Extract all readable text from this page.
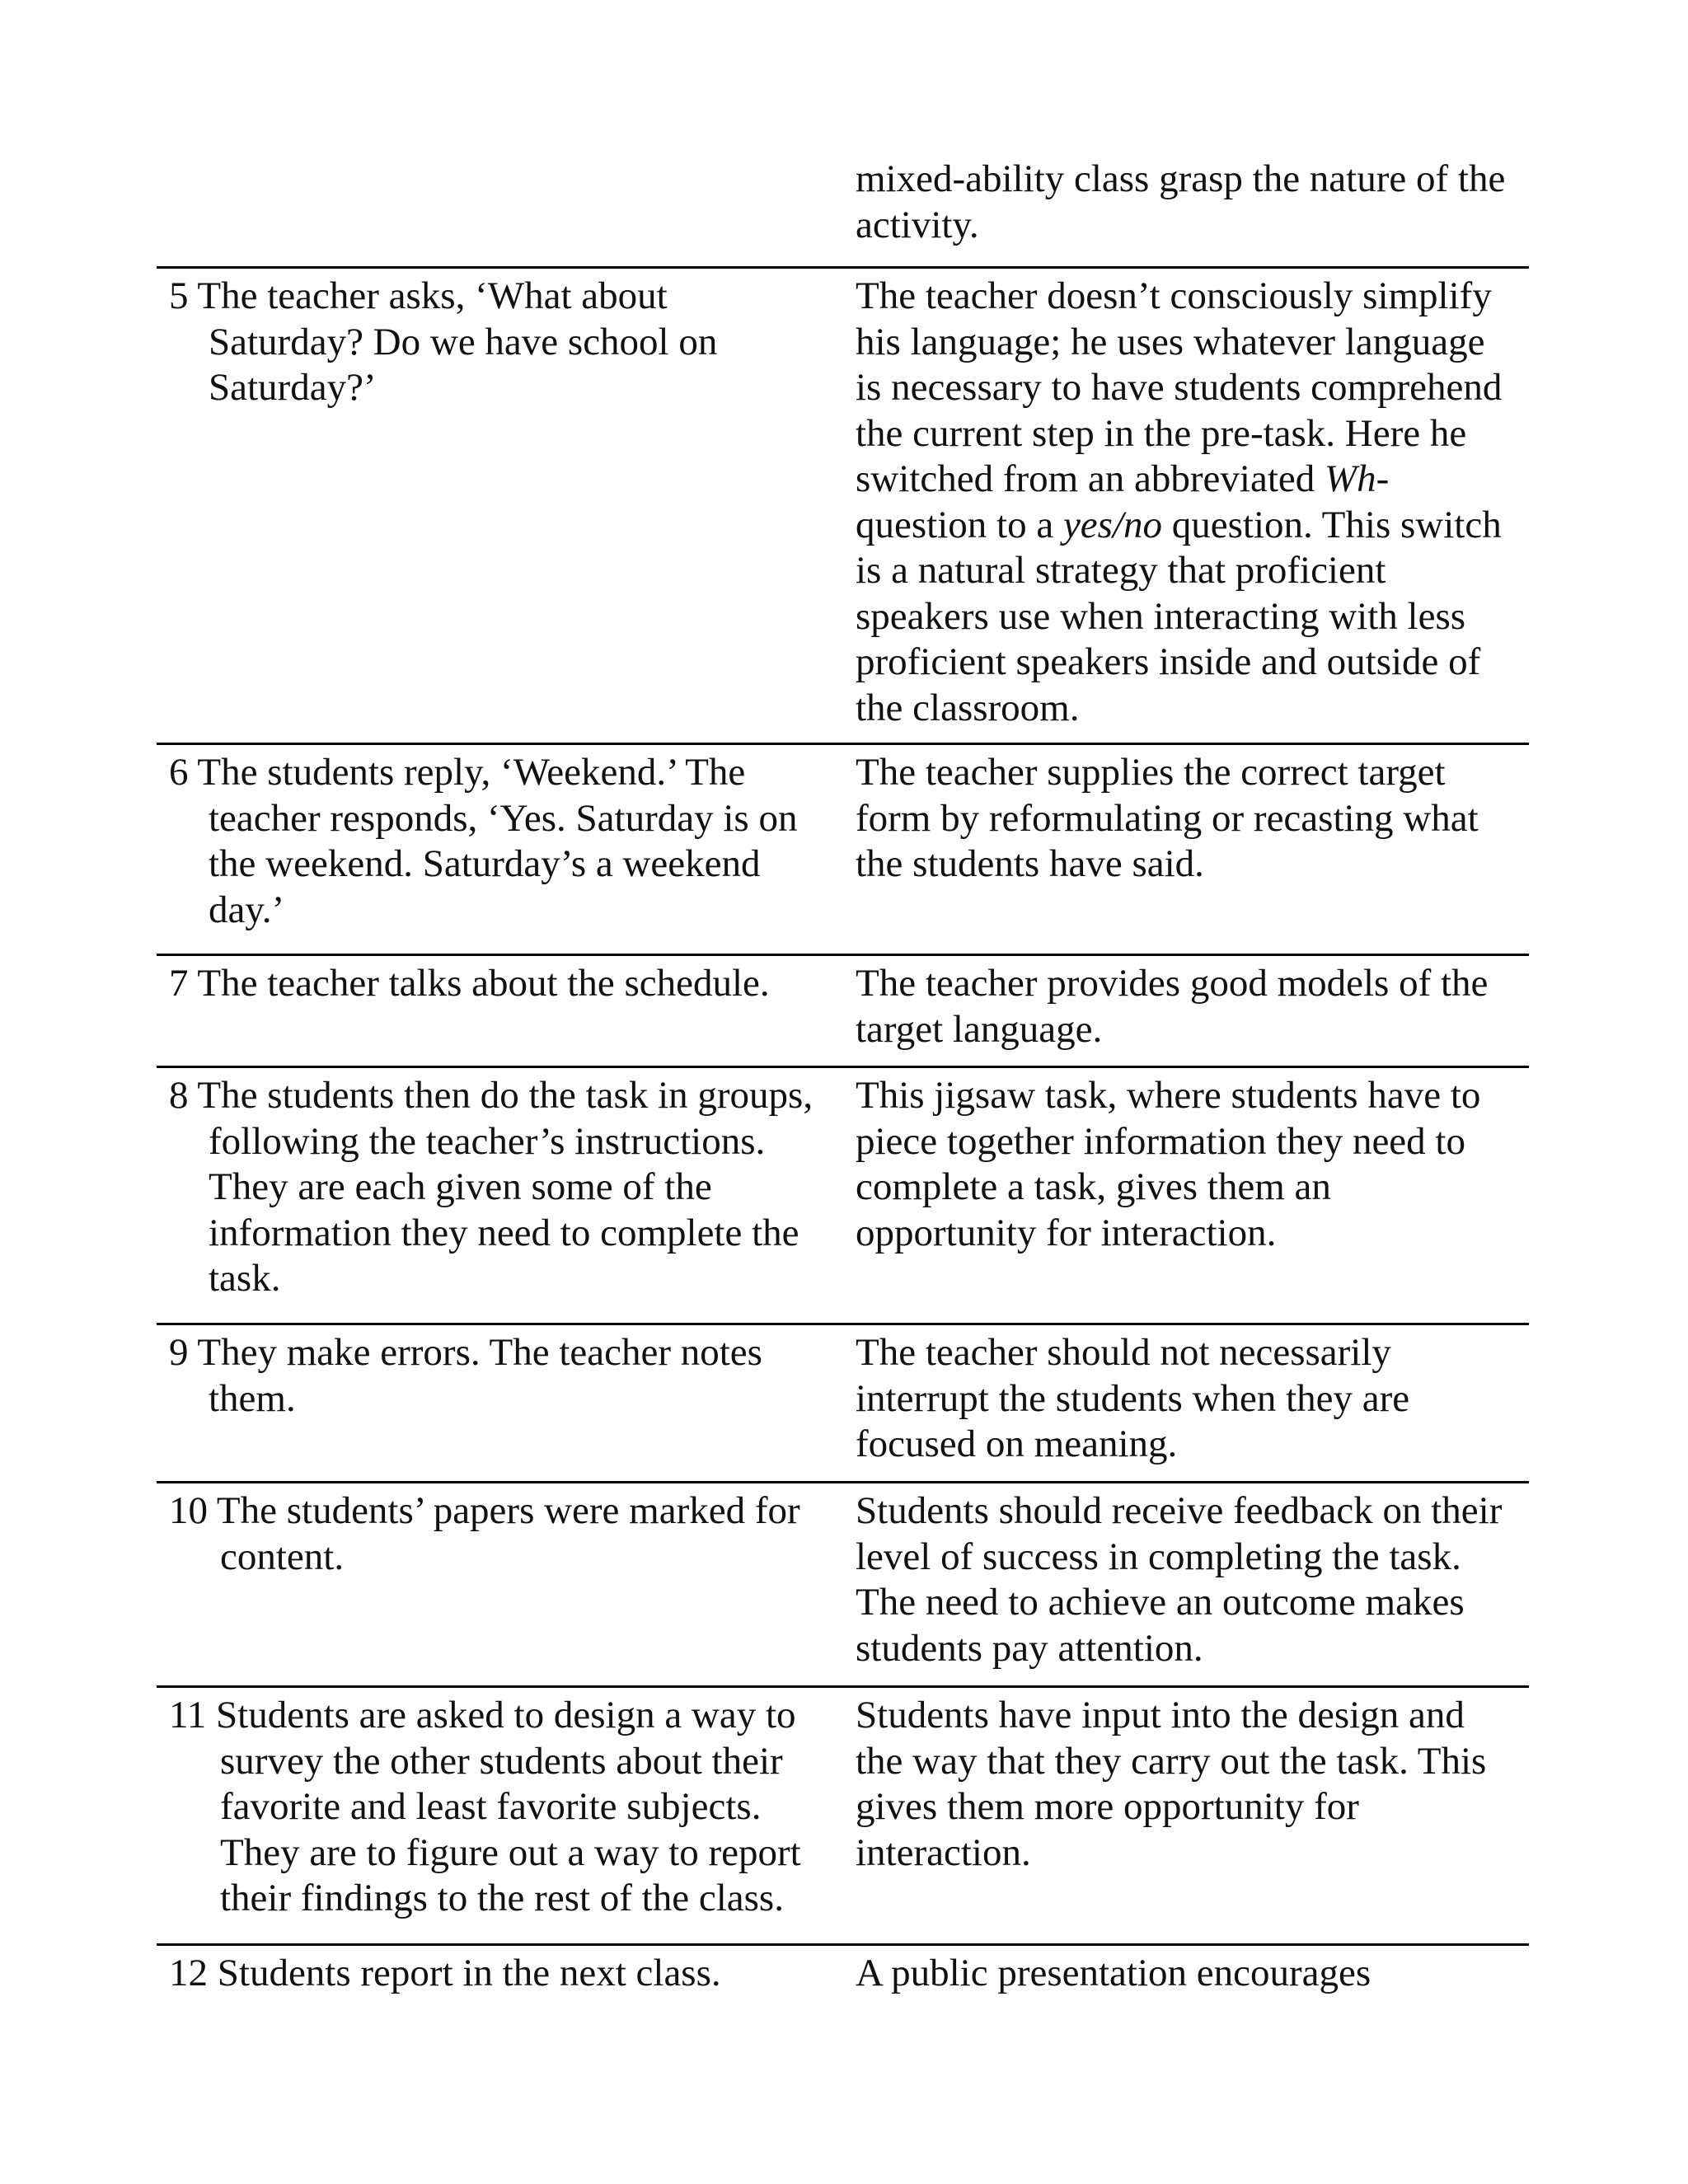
mixed-ability class grasp the nature of the
activity.
5 The teacher asks, ‘What about
Saturday? Do we have school on
Saturday?’
The teacher doesn’t consciously simplify
his language; he uses whatever language
is necessary to have students comprehend
the current step in the pre-task. Here he
switched from an abbreviated Wh-
question to a yes/no question. This switch
is a natural strategy that proficient
speakers use when interacting with less
proficient speakers inside and outside of
the classroom.
6 The students reply, ‘Weekend.’ The
teacher responds, ‘Yes. Saturday is on
the weekend. Saturday’s a weekend
day.’
The teacher supplies the correct target
form by reformulating or recasting what
the students have said.
7 The teacher talks about the schedule.	The teacher provides good models of the
target language.
8 The students then do the task in groups,
following the teacher’s instructions.
They are each given some of the
information they need to complete the
task.
This jigsaw task, where students have to
piece together information they need to
complete a task, gives them an
opportunity for interaction.
9 They make errors. The teacher notes
them.
The teacher should not necessarily
interrupt the students when they are
focused on meaning.
10 The students’ papers were marked for
content.
Students should receive feedback on their
level of success in completing the task.
The need to achieve an outcome makes
students pay attention.
11 Students are asked to design a way to
survey the other students about their
favorite and least favorite subjects.
They are to figure out a way to report
their findings to the rest of the class.
Students have input into the design and
the way that they carry out the task. This
gives them more opportunity for
interaction.
12 Students report in the next class.	A public presentation encourages
